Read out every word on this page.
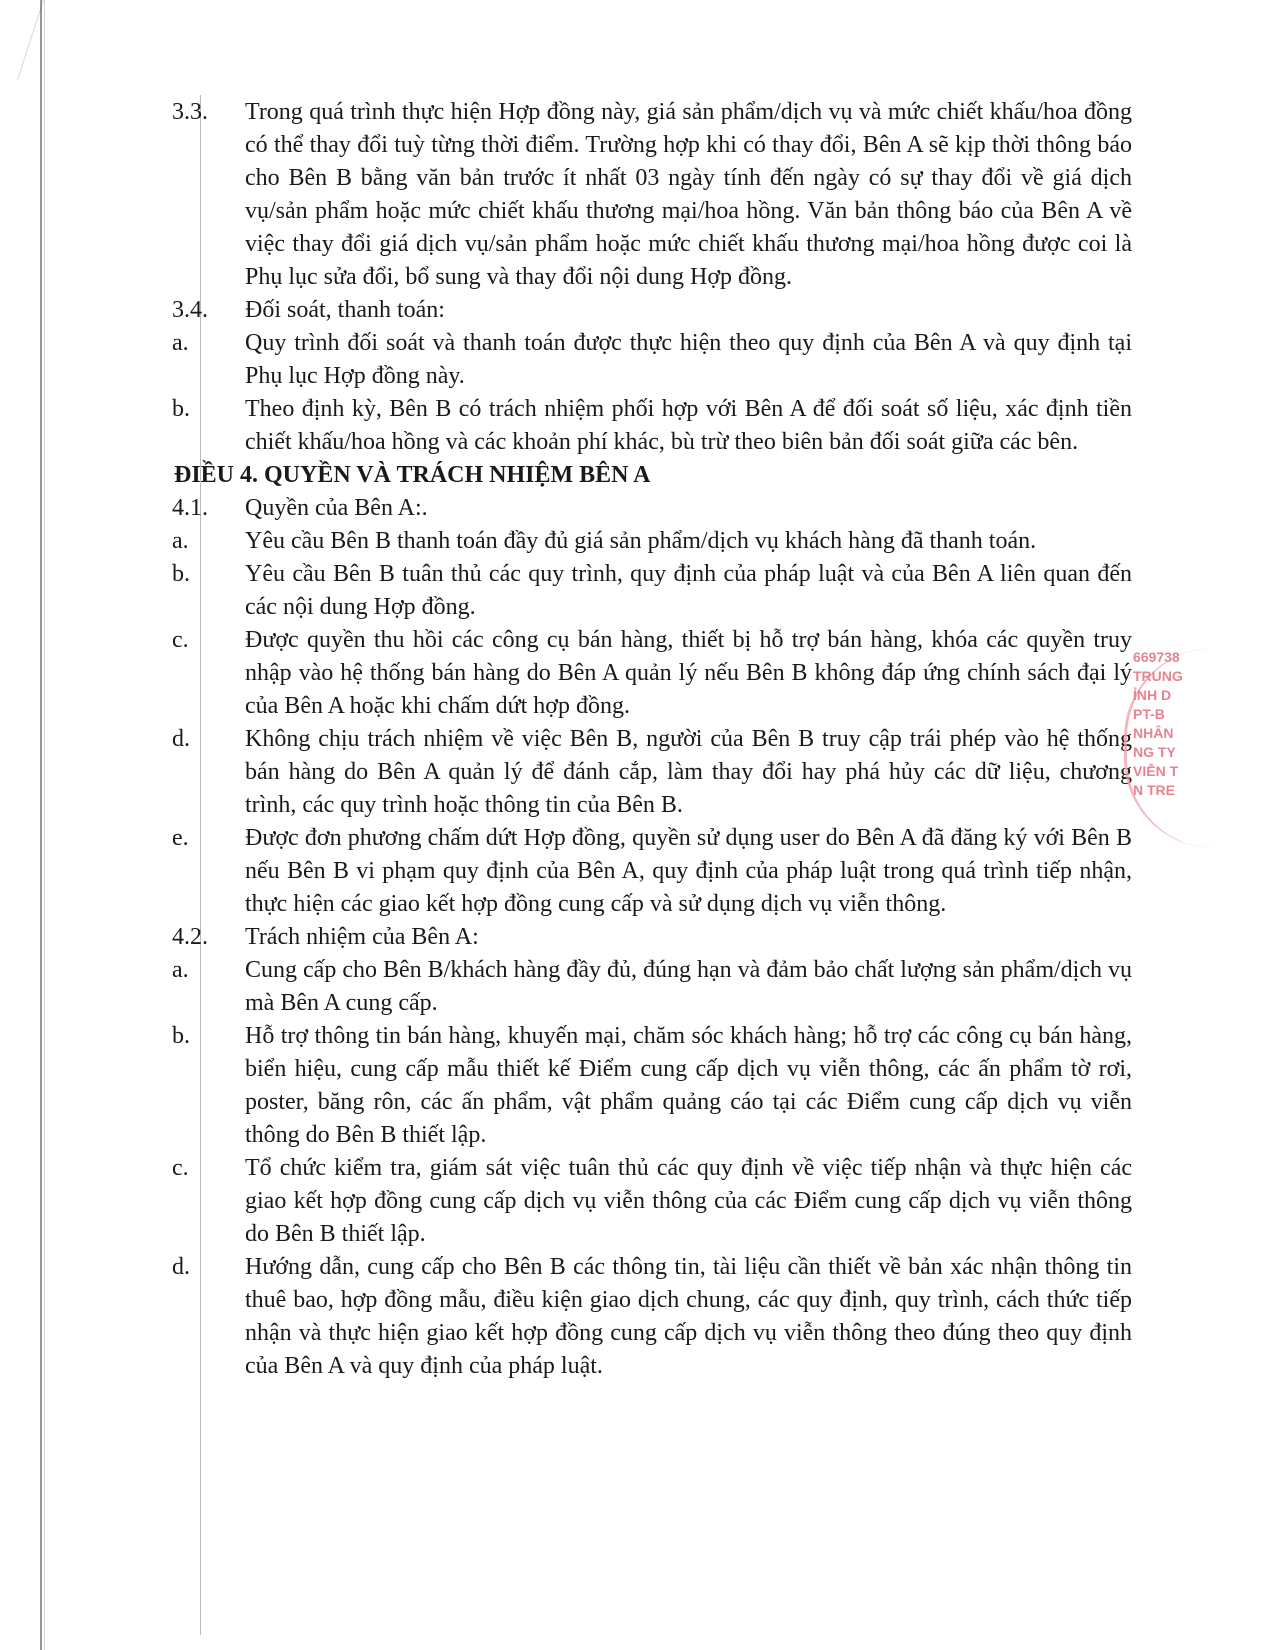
3.3.	Trong quá trình thực hiện Hợp đồng này, giá sản phẩm/dịch vụ và mức chiết khấu/hoa đồng có thể thay đổi tuỳ từng thời điểm. Trường hợp khi có thay đổi, Bên A sẽ kịp thời thông báo cho Bên B bằng văn bản trước ít nhất 03 ngày tính đến ngày có sự thay đổi về giá dịch vụ/sản phẩm hoặc mức chiết khấu thương mại/hoa hồng. Văn bản thông báo của Bên A về việc thay đổi giá dịch vụ/sản phẩm hoặc mức chiết khấu thương mại/hoa hồng được coi là Phụ lục sửa đổi, bổ sung và thay đổi nội dung Hợp đồng.
3.4.	Đối soát, thanh toán:
a.	Quy trình đối soát và thanh toán được thực hiện theo quy định của Bên A và quy định tại Phụ lục Hợp đồng này.
b.	Theo định kỳ, Bên B có trách nhiệm phối hợp với Bên A để đối soát số liệu, xác định tiền chiết khấu/hoa hồng và các khoản phí khác, bù trừ theo biên bản đối soát giữa các bên.
ĐIỀU 4. QUYỀN VÀ TRÁCH NHIỆM BÊN A
4.1.	Quyền của Bên A:.
a.	Yêu cầu Bên B thanh toán đầy đủ giá sản phẩm/dịch vụ khách hàng đã thanh toán.
b.	Yêu cầu Bên B tuân thủ các quy trình, quy định của pháp luật và của Bên A liên quan đến các nội dung Hợp đồng.
c.	Được quyền thu hồi các công cụ bán hàng, thiết bị hỗ trợ bán hàng, khóa các quyền truy nhập vào hệ thống bán hàng do Bên A quản lý nếu Bên B không đáp ứng chính sách đại lý của Bên A hoặc khi chấm dứt hợp đồng.
d.	Không chịu trách nhiệm về việc Bên B, người của Bên B truy cập trái phép vào hệ thống bán hàng do Bên A quản lý để đánh cắp, làm thay đổi hay phá hủy các dữ liệu, chương trình, các quy trình hoặc thông tin của Bên B.
e.	Được đơn phương chấm dứt Hợp đồng, quyền sử dụng user do Bên A đã đăng ký với Bên B nếu Bên B vi phạm quy định của Bên A, quy định của pháp luật trong quá trình tiếp nhận, thực hiện các giao kết hợp đồng cung cấp và sử dụng dịch vụ viễn thông.
4.2.	Trách nhiệm của Bên A:
a.	Cung cấp cho Bên B/khách hàng đầy đủ, đúng hạn và đảm bảo chất lượng sản phẩm/dịch vụ mà Bên A cung cấp.
b.	Hỗ trợ thông tin bán hàng, khuyến mại, chăm sóc khách hàng; hỗ trợ các công cụ bán hàng, biển hiệu, cung cấp mẫu thiết kế Điểm cung cấp dịch vụ viễn thông, các ấn phẩm tờ rơi, poster, băng rôn, các ấn phẩm, vật phẩm quảng cáo tại các Điểm cung cấp dịch vụ viễn thông do Bên B thiết lập.
c.	Tổ chức kiểm tra, giám sát việc tuân thủ các quy định về việc tiếp nhận và thực hiện các giao kết hợp đồng cung cấp dịch vụ viễn thông của các Điểm cung cấp dịch vụ viễn thông do Bên B thiết lập.
d.	Hướng dẫn, cung cấp cho Bên B các thông tin, tài liệu cần thiết về bản xác nhận thông tin thuê bao, hợp đồng mẫu, điều kiện giao dịch chung, các quy định, quy trình, cách thức tiếp nhận và thực hiện giao kết hợp đồng cung cấp dịch vụ viễn thông theo đúng theo quy định của Bên A và quy định của pháp luật.
669738
TRUNG
ỈNH D
PT-B
NHÂN
NG TY
VIỄN T
N TRE
